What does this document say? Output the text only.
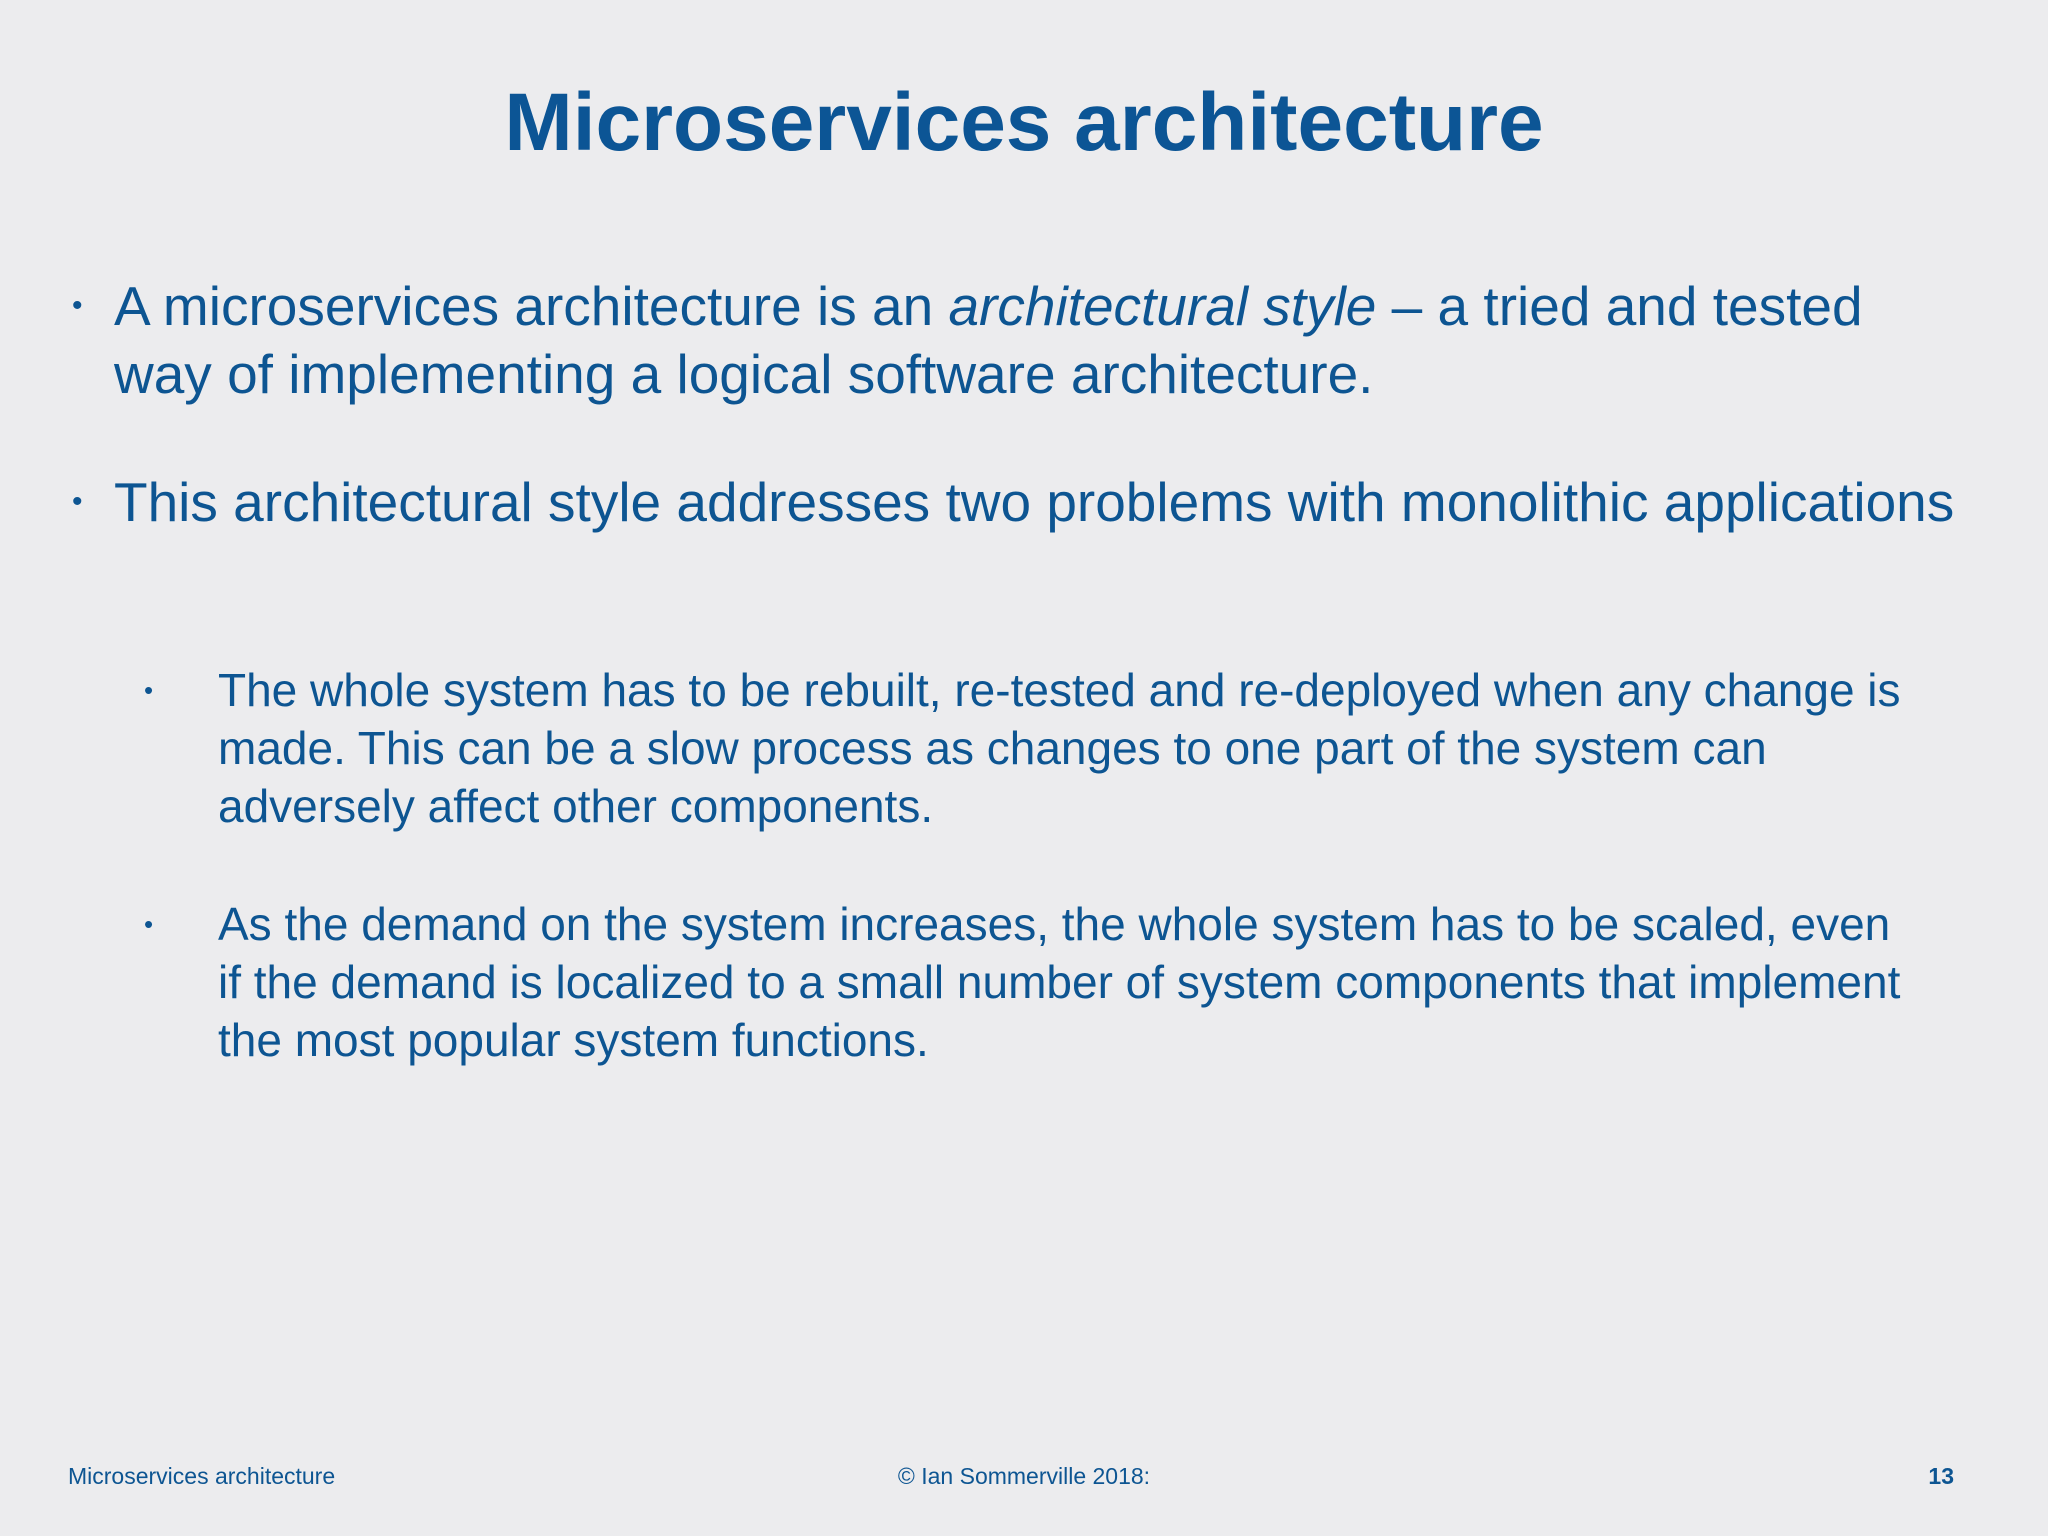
Microservices architecture
• A microservices architecture is an architectural style – a tried and tested way of implementing a logical software architecture.
• This architectural style addresses two problems with monolithic applications
•	The whole system has to be rebuilt, re-tested and re-deployed when any change is made. This can be a slow process as changes to one part of the system can adversely affect other components.
•	As the demand on the system increases, the whole system has to be scaled, even if the demand is localized to a small number of system components that implement the most popular system functions.
© Ian Sommerville 2018:
Microservices architecture	13
